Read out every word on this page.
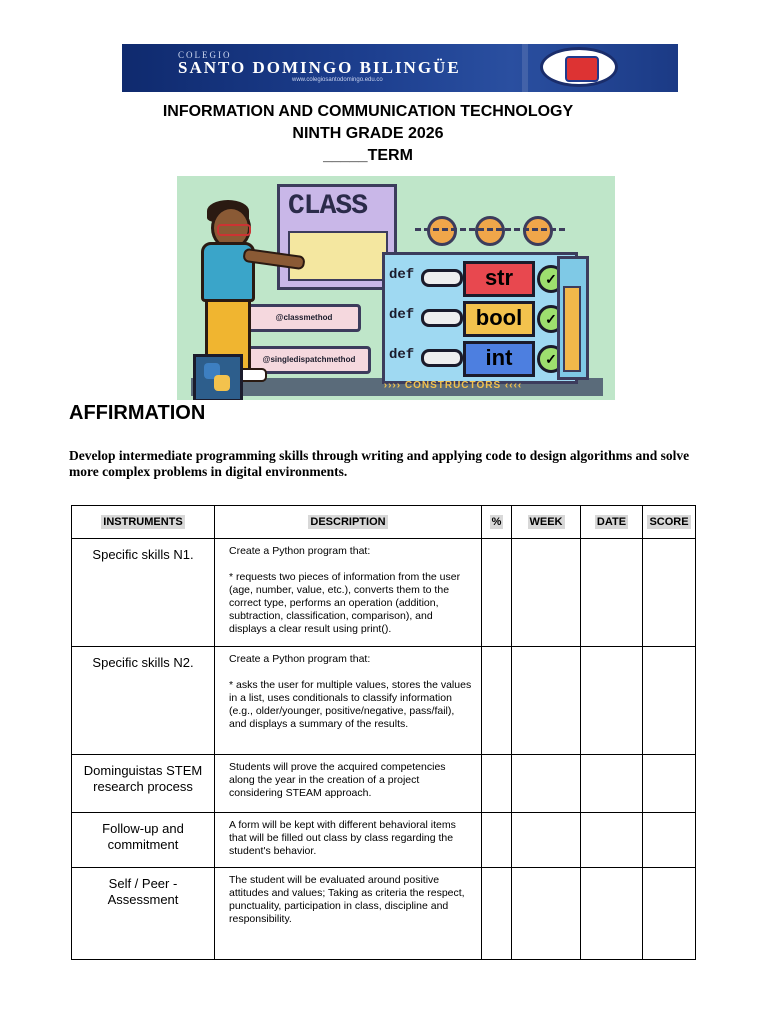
COLEGIO
SANTO DOMINGO BILINGÜE
www.colegiosantodomingo.edu.co
INFORMATION AND COMMUNICATION TECHNOLOGY
NINTH GRADE 2026
_____TERM
CLASS
@classmethod
@singledispatchmethod
def	str	✓
def	bool	✓
def	int	✓
›››› CONSTRUCTORS ‹‹‹‹
AFFIRMATION
Develop intermediate programming skills through writing and applying code to design algorithms and solve more complex problems in digital environments.
INSTRUMENTS	DESCRIPTION	%	WEEK	DATE	SCORE
Specific skills N1.	Create a Python program that:

* requests two pieces of information from the user (age, number, value, etc.), converts them to the correct type, performs an operation (addition, subtraction, classification, comparison), and displays a clear result using print().				

Specific skills N2.	Create a Python program that:

* asks the user for multiple values, stores the values in a list, uses conditionals to classify information (e.g., older/younger, positive/negative, pass/fail), and displays a summary of the results.				

Dominguistas STEM research process	Students will prove the acquired competencies along the year in the creation of a project considering STEAM approach.				
Follow-up and commitment	A form will be kept with different behavioral items that will be filled out class by class regarding the student's behavior.				
Self / Peer - Assessment	The student will be evaluated around positive attitudes and values; Taking as criteria the respect, punctuality, participation in class, discipline and responsibility.				
